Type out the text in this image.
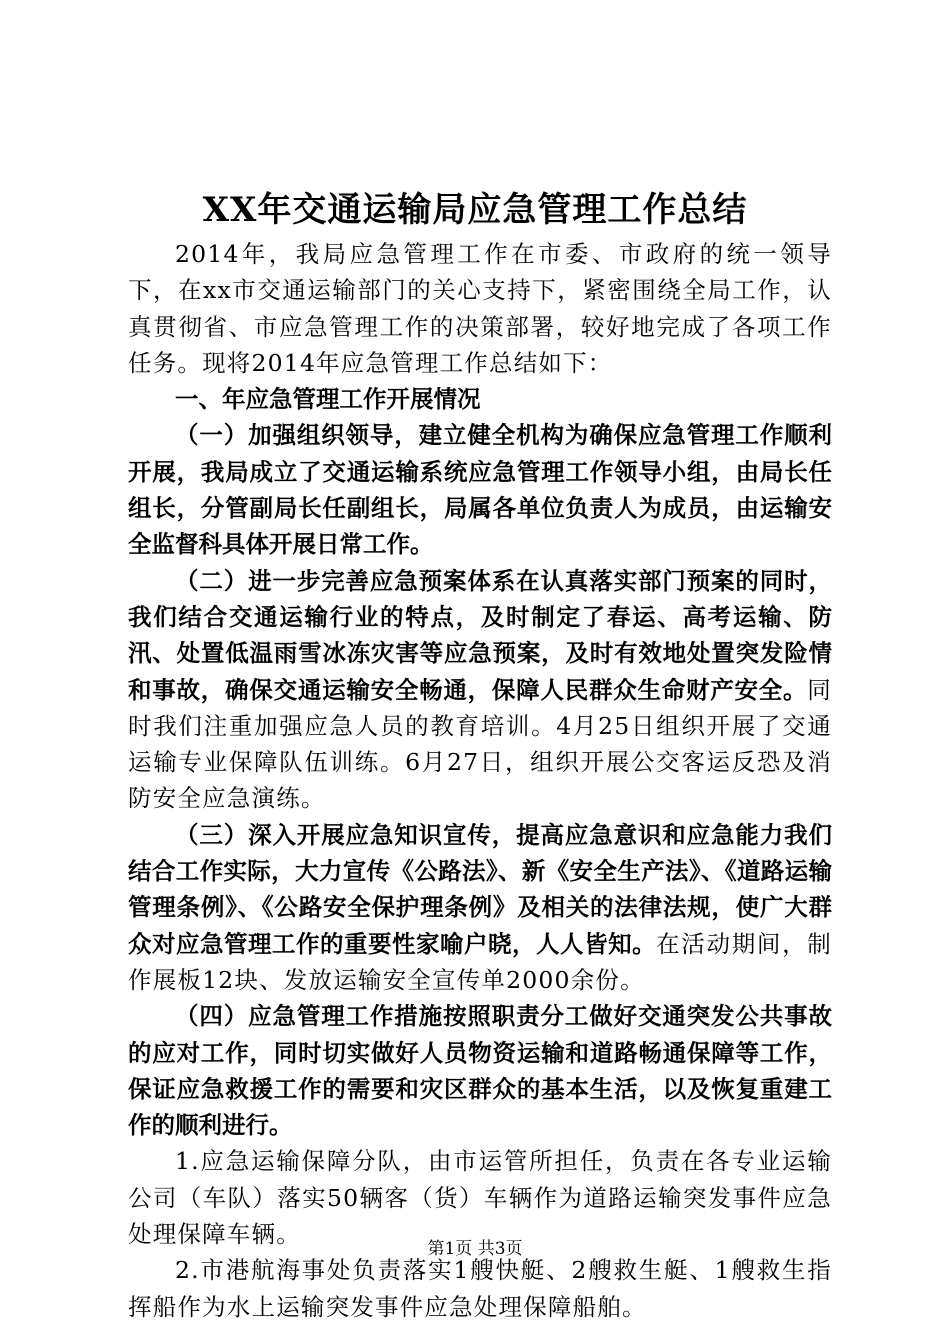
XX年交通运输局应急管理工作总结

2014年，我局应急管理工作在市委、市政府的统一领导下，在xx市交通运输部门的关心支持下，紧密围绕全局工作，认真贯彻省、市应急管理工作的决策部署，较好地完成了各项工作任务。现将2014年应急管理工作总结如下：

一、年应急管理工作开展情况

（一）加强组织领导，建立健全机构为确保应急管理工作顺利开展，我局成立了交通运输系统应急管理工作领导小组，由局长任组长，分管副局长任副组长，局属各单位负责人为成员，由运输安全监督科具体开展日常工作。

（二）进一步完善应急预案体系在认真落实部门预案的同时，我们结合交通运输行业的特点，及时制定了春运、高考运输、防汛、处置低温雨雪冰冻灾害等应急预案，及时有效地处置突发险情和事故，确保交通运输安全畅通，保障人民群众生命财产安全。同时我们注重加强应急人员的教育培训。4月25日组织开展了交通运输专业保障队伍训练。6月27日，组织开展公交客运反恐及消防安全应急演练。

（三）深入开展应急知识宣传，提高应急意识和应急能力我们结合工作实际，大力宣传《公路法》、新《安全生产法》、《道路运输管理条例》、《公路安全保护理条例》及相关的法律法规，使广大群众对应急管理工作的重要性家喻户晓，人人皆知。在活动期间，制作展板12块、发放运输安全宣传单2000余份。

（四）应急管理工作措施按照职责分工做好交通突发公共事故的应对工作，同时切实做好人员物资运输和道路畅通保障等工作，保证应急救援工作的需要和灾区群众的基本生活，以及恢复重建工作的顺利进行。

1.应急运输保障分队，由市运管所担任，负责在各专业运输公司（车队）落实50辆客（货）车辆作为道路运输突发事件应急处理保障车辆。

2.市港航海事处负责落实1艘快艇、2艘救生艇、1艘救生指挥船作为水上运输突发事件应急处理保障船舶。

第1页 共3页
